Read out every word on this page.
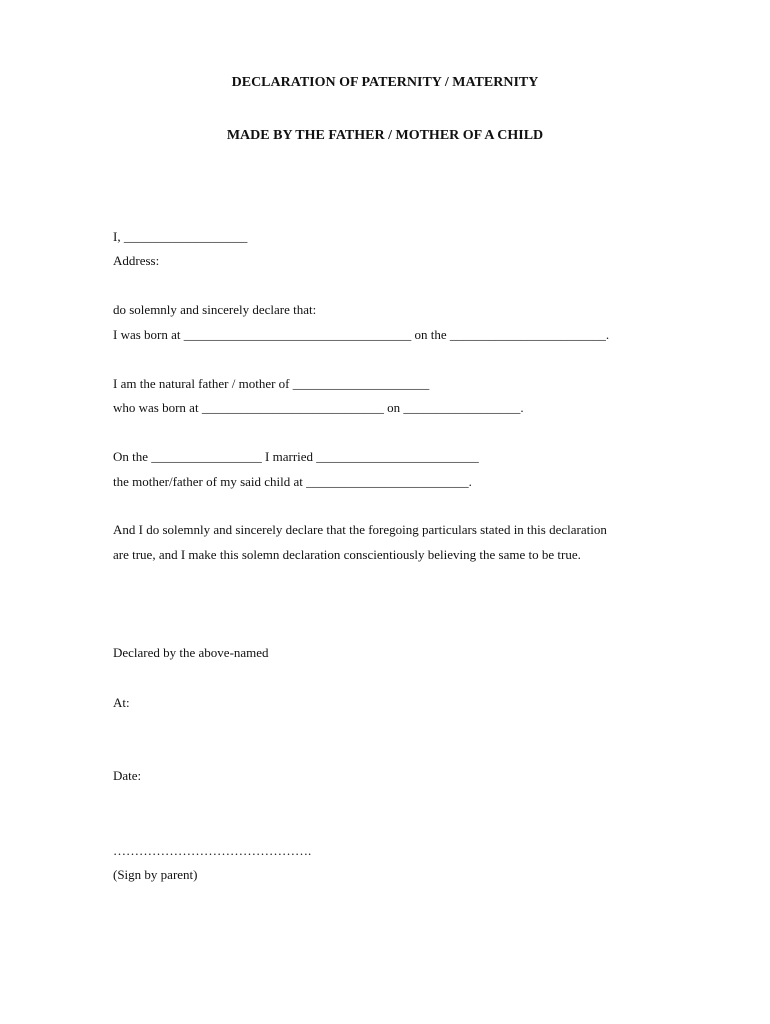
DECLARATION OF PATERNITY / MATERNITY
MADE BY THE FATHER / MOTHER OF A CHILD
I, ___________________
Address:
do solemnly and sincerely declare that:
I was born at ___________________________________ on the ________________________.
I am the natural father / mother of _____________________
who was born at ____________________________ on __________________.
On the _________________ I married _________________________
the mother/father of my said child at _________________________.
And I do solemnly and sincerely declare that the foregoing particulars stated in this declaration
are true, and I make this solemn declaration conscientiously believing the same to be true.
Declared by the above-named
At:
Date:
……………………………………….
(Sign by parent)
